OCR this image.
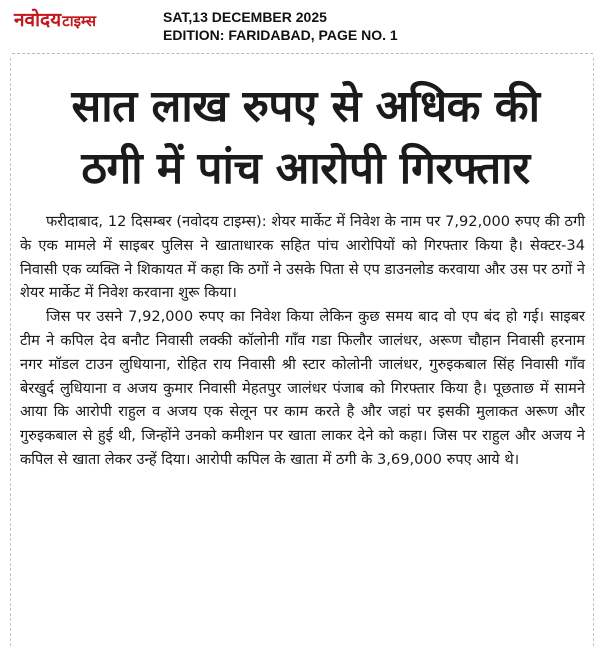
नवोदयटाइम्स	SAT,13 DECEMBER 2025
EDITION: FARIDABAD, PAGE NO. 1
सात लाख रुपए से अधिक की
ठगी में पांच आरोपी गिरफ्तार

फरीदाबाद, 12 दिसम्बर (नवोदय टाइम्स): शेयर मार्केट में निवेश के नाम पर 7,92,000 रुपए की ठगी के एक मामले में साइबर पुलिस ने खाताधारक सहित पांच आरोपियों को गिरफ्तार किया है। सेक्टर-34 निवासी एक व्यक्ति ने शिकायत में कहा कि ठगों ने उसके पिता से एप डाउनलोड करवाया और उस पर ठगों ने शेयर मार्केट में निवेश करवाना शुरू किया।

जिस पर उसने 7,92,000 रुपए का निवेश किया लेकिन कुछ समय बाद वो एप बंद हो गई। साइबर टीम ने कपिल देव बनौट निवासी लक्की कॉलोनी गाँव गडा फिलौर जालंधर, अरूण चौहान निवासी हरनाम नगर मॉडल टाउन लुधियाना, रोहित राय निवासी श्री स्टार कोलोनी जालंधर, गुरुइकबाल सिंह निवासी गाँव बेरखुर्द लुधियाना व अजय कुमार निवासी मेहतपुर जालंधर पंजाब को गिरफ्तार किया है। पूछताछ में सामने आया कि आरोपी राहुल व अजय एक सेलून पर काम करते है और जहां पर इसकी मुलाकत अरूण और गुरुइकबाल से हुई थी, जिन्होंने उनको कमीशन पर खाता लाकर देने को कहा। जिस पर राहुल और अजय ने कपिल से खाता लेकर उन्हें दिया। आरोपी कपिल के खाता में ठगी के 3,69,000 रुपए आये थे।
